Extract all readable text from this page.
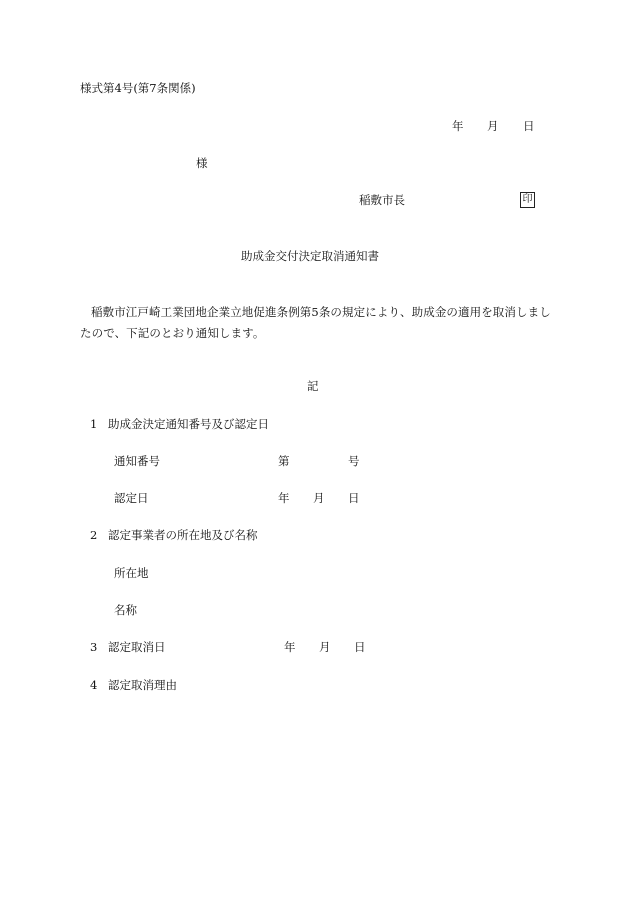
様式第4号(第7条関係)
年 月 日
様
稲敷市長	印
助成金交付決定取消通知書
稲敷市江戸崎工業団地企業立地促進条例第5条の規定により、助成金の適用を取消しましたので、下記のとおり通知します。
記
1 助成金決定通知番号及び認定日
通知番号	第	号
認定日	年 月 日
2 認定事業者の所在地及び名称
所在地
名称
3 認定取消日	年 月 日
4 認定取消理由
